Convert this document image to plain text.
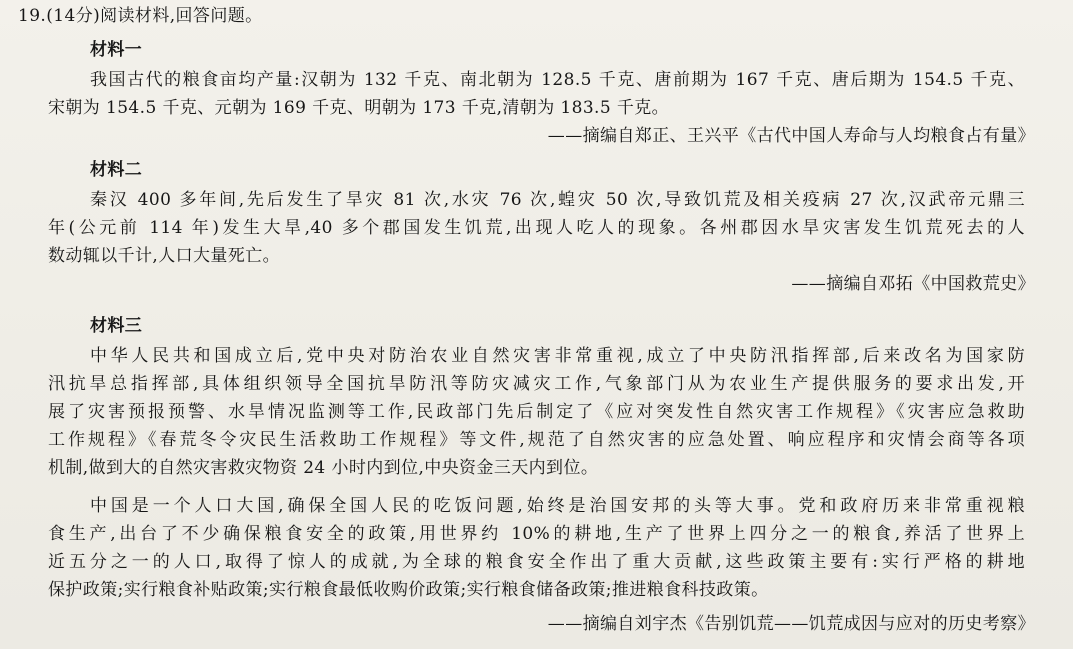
19.(14分)阅读材料,回答问题。
材料一
我国古代的粮食亩均产量:汉朝为 132 千克、南北朝为 128.5 千克、唐前期为 167 千克、唐后期为 154.5 千克、
宋朝为 154.5 千克、元朝为 169 千克、明朝为 173 千克,清朝为 183.5 千克。
——摘编自郑正、王兴平《古代中国人寿命与人均粮食占有量》
材料二
秦汉 400 多年间,先后发生了旱灾 81 次,水灾 76 次,蝗灾 50 次,导致饥荒及相关疫病 27 次,汉武帝元鼎三
年(公元前 114 年)发生大旱,40 多个郡国发生饥荒,出现人吃人的现象。各州郡因水旱灾害发生饥荒死去的人
数动辄以千计,人口大量死亡。
——摘编自邓拓《中国救荒史》
材料三
中华人民共和国成立后,党中央对防治农业自然灾害非常重视,成立了中央防汛指挥部,后来改名为国家防
汛抗旱总指挥部,具体组织领导全国抗旱防汛等防灾减灾工作,气象部门从为农业生产提供服务的要求出发,开
展了灾害预报预警、水旱情况监测等工作,民政部门先后制定了《应对突发性自然灾害工作规程》《灾害应急救助
工作规程》《春荒冬令灾民生活救助工作规程》等文件,规范了自然灾害的应急处置、响应程序和灾情会商等各项
机制,做到大的自然灾害救灾物资 24 小时内到位,中央资金三天内到位。
中国是一个人口大国,确保全国人民的吃饭问题,始终是治国安邦的头等大事。党和政府历来非常重视粮
食生产,出台了不少确保粮食安全的政策,用世界约 10%的耕地,生产了世界上四分之一的粮食,养活了世界上
近五分之一的人口,取得了惊人的成就,为全球的粮食安全作出了重大贡献,这些政策主要有:实行严格的耕地
保护政策;实行粮食补贴政策;实行粮食最低收购价政策;实行粮食储备政策;推进粮食科技政策。
——摘编自刘宇杰《告别饥荒——饥荒成因与应对的历史考察》
